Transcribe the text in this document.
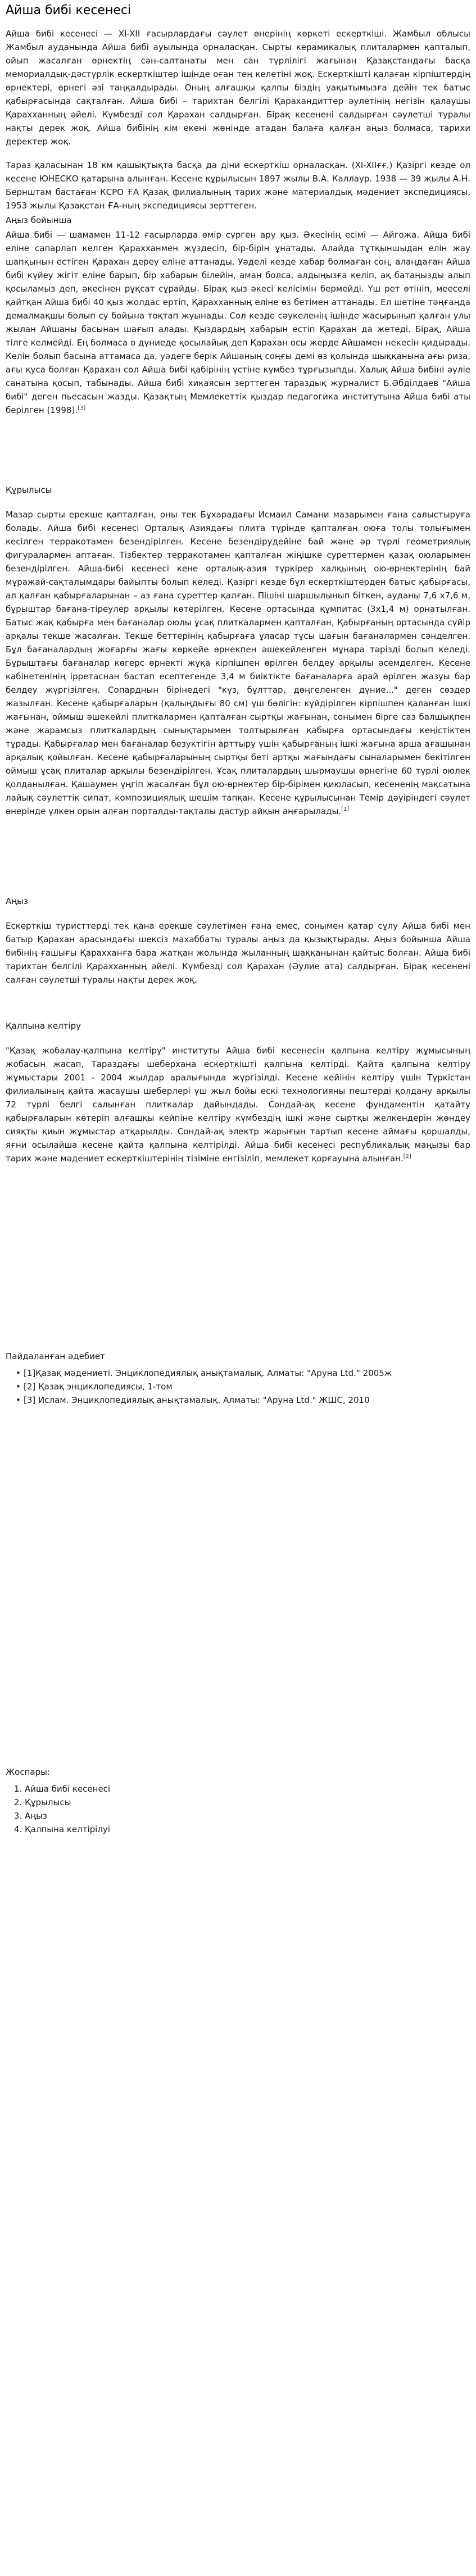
Айша бибі кесенесі

Айша бибі кесенесі — XI-XII ғасырлардағы сәулет өнерінің көркеті ескерткіші. Жамбыл облысы Жамбыл ауданында Айша бибі ауылында орналасқан. Сырты керамикалық плиталармен қапталып, ойып жасалған өрнектің сән-салтанаты мен сан түрлілігі жағынан Қазақстандағы басқа мемориалдық-дәстүрлік ескерткіштер ішінде оған тең келетіні жоқ. Ескерткішті қалаған кірпіштердің өрнектері, өрнегі әзі таңқалдырады. Оның алғашқы қалпы біздің уақытымызға дейін тек батыс қабырғасында сақталған. Айша бибі – тарихтан белгілі Қарахандиттер әулетінің негізін қалаушы Қарахханның әйелі. Күмбезді сол Қарахан салдырған. Бірақ кесенені салдырған сәулетші туралы нақты дерек жоқ. Айша бибінің кім екені жөнінде атадан балаға қалған аңыз болмаса, тарихи деректер жоқ.

Тараз қаласынан 18 км қашықтықта басқа да діни ескерткіш орналасқан. (XI-XIIғғ.) Қазіргі кезде ол кесене ЮНЕСКО қатарына алынған. Кесене құрылысын 1897 жылы В.А. Каллаур. 1938 — 39 жылы А.Н. Бернштам бастаған КСРО ҒА Қазақ филиалының тарих және материалдық мәдениет экспедициясы, 1953 жылы Қазақстан ҒА-ның экспедициясы зерттеген.

Аңыз бойынша

Айша бибі — шамамен 11-12 ғасырларда өмір сүрген ару қыз. Әкесінің есімі — Айгожа. Айша бибі еліне сапарлап келген Қарахханмен жүздесіп, бір-бірін ұнатады. Алайда тұтқыншыдан елін жау шапқынын естіген Қарахан дереу еліне аттанады. Уәделі кезде хабар болмаған соң, алаңдаған Айша бибі күйеу жігіт еліне барып, бір хабарын білейін, аман болса, алдыңызға келіп, ақ батаңызды алып қосыламыз деп, әкесінен рұқсат сұрайды. Бірақ қыз әкесі келісімін бермейді. Үш рет өтініп, мееселі қайтқан Айша бибі 40 қыз жолдас ертіп, Қарахханның еліне өз бетімен аттанады. Ел шетіне тәңғаңда демалмақшы болып су бойына тоқтап жуынады. Сол кезде сәукеленің ішінде жасырынып қалған улы жылан Айшаны басынан шағып алады. Қыздардың хабарын естіп Қарахан да жетеді. Бірақ, Айша тілге келмейді. Ең болмаса о дүниеде қосылайық деп Қарахан осы жерде Айшамен некесін қидырады. Келін болып басына аттамаса да, уәдеге берік Айшаның соңғы демі өз қолында шыққанына ағы риза, ағы қуса болған Қарахан сол Айша бибі қабірінің үстіне күмбез тұрғызыпды. Халық Айша бибіні әуліе санатына қосып, табынады. Айша бибі хикаясын зерттеген тараздық журналист Б.Әбділдаев "Айша бибі" деген пьесасын жазды. Қазақтың Мемлекеттік қыздар педагогика институтына Айша бибі аты берілген (1998).[3]

Құрылысы

Мазар сырты ерекше қапталған, оны тек Бұхарадағы Исмаил Самани мазарымен ғана салыстыруға болады. Айша бибі кесенесі Орталық Азиядағы плита түрінде қапталған оюға толы толығымен кесілген терракотамен безендірілген. Кесене безендірудейіне бай және әр түрлі геометриялық фигуралармен аптаған. Тізбектер терракотамен қапталған жіңішке суреттермен қазақ оюларымен безендірілген. Айша-бибі кесенесі кене орталық-азия түркірер халқының ою-өрнектерінің бай мұражай-сақталымдары байыпты болып келеді. Қазіргі кезде бұл ескерткіштерден батыс қабырғасы, ал қалған қабырғаларынан – аз ғана суреттер қалған. Пішіні шаршылынып біткен, ауданы 7,6 х7,6 м, бұрыштар бағана-тіреулер арқылы көтерілген. Кесене ортасында құмпитас (3х1,4 м) орнатылған. Батыс жақ қабырға мен бағаналар оюлы ұсақ плиткалармен қапталған, Қабырғаның ортасында сүйір арқалы текше жасалған. Текше беттерінің қабырғаға ұласар тұсы шағын бағаналармен сәнделген. Бұл бағаналардың жоғарғы жағы көркейе өрнекпен әшекейленген мұнара тәрізді болып келеді. Бұрыштағы бағаналар көгерс өрнекті жұқа кірпішпен өрілген белдеу арқылы әсемделген. Кесене кабінетенінің ірретаснан бастап есептегенде 3,4 м биіктікте бағаналарға арай өрілген жазуы бар белдеу жүргізілген. Сопарднын бірінедегі "күз, бұлттар, дөңгеленген дүние..." деген сөздер жазылған. Кесене қабырғаларын (қалыңдығы 80 см) үш бөлігін: күйдірілген кірпішпен қаланған ішкі жағынан, оймыш әшекейлі плиткалармен қапталған сыртқы жағынан, сонымен бірге саз балшықпен және жарамсыз плиткалардың сынықтарымен толтырылған қабырға ортасындағы кеңістіктен тұрады. Қабырғалар мен бағаналар безуктігін арттыру үшін қабырғаның ішкі жағына арша ағашынан арқалық қойылған. Кесене қабырғаларының сыртқы беті артқы жағындағы сыналарымен бекітілген оймыш ұсақ плиталар арқылы безендірілген. Ұсақ плиталардың шырмаушы өрнегіне 60 түрлі оюлек қолданылған. Қашаумен үңгіп жасалған бұл ою-өрнектер бір-бірімен қиюласып, кесененің мақсатына лайық сәулеттік сипат, композициялық шешім тапқан. Кесене құрылысынан Темір дәуіріндегі сәулет өнерінде үлкен орын алған порталды-тақталы дастур айқын аңғарылады.[1]

Аңыз

Ескерткіш туристтерді тек қана ерекше сәулетімен ғана емес, сонымен қатар сұлу Айша бибі мен батыр Қарахан арасындағы шексіз махаббаты туралы аңыз да қызықтырады. Аңыз бойынша Айша бибінің ғашығы Қарахханға бара жатқан жолында жыланның шаққанынан қайтыс болған. Айша бибі тарихтан белгілі Қарахханның әйелі. Күмбезді сол Қарахан (Әулие ата) салдырған. Бірақ кесенені салған сәулетші туралы нақты дерек жоқ.

Қалпына келтіру

"Қазақ жобалау-қалпына келтіру" институты Айша бибі кесенесін қалпына келтіру жұмысының жобасын жасап, Тараздағы шеберхана ескерткішті қалпына келтірді. Қайта қалпына келтіру жұмыстары 2001 - 2004 жылдар аралығында жүргізілді. Кесене кейінін келтіру үшін Түркістан филиалының қайта жасаушы шеберлері үш жыл бойы ескі технологияны пештерді қолдану арқылы 72 түрлі белгі салынған плиткалар дайындады. Сондай-ақ кесене фундаментін қатайту қабырғаларын көтеріп алғашқы кейпіне келтіру күмбездің ішкі және сыртқы желкендерін жөндеу сияқты қиын жұмыстар атқарылды. Сондай-ақ электр жарығын тартып кесене аймағы қоршалды, яғни осылайша кесене қайта қалпына келтірілді. Айша бибі кесенесі республикалық маңызы бар тарих және мәдениет ескерткіштерінің тізіміне енгізіліп, мемлекет қорғауына алынған.[2]

Пайдаланған әдебиет
• [1]Қазақ мәдениеті. Энциклопедиялық анықтамалық. Алматы: "Аруна Ltd." 2005ж
• [2] Қазақ энциклопедиясы, 1-том
• [3] Ислам. Энциклопедиялық анықтамалық. Алматы: "Аруна Ltd." ЖШС, 2010
Жоспары:
1. Айша бибі кесенесі
2. Құрылысы
3. Аңыз
4. Қалпына келтірілуі
